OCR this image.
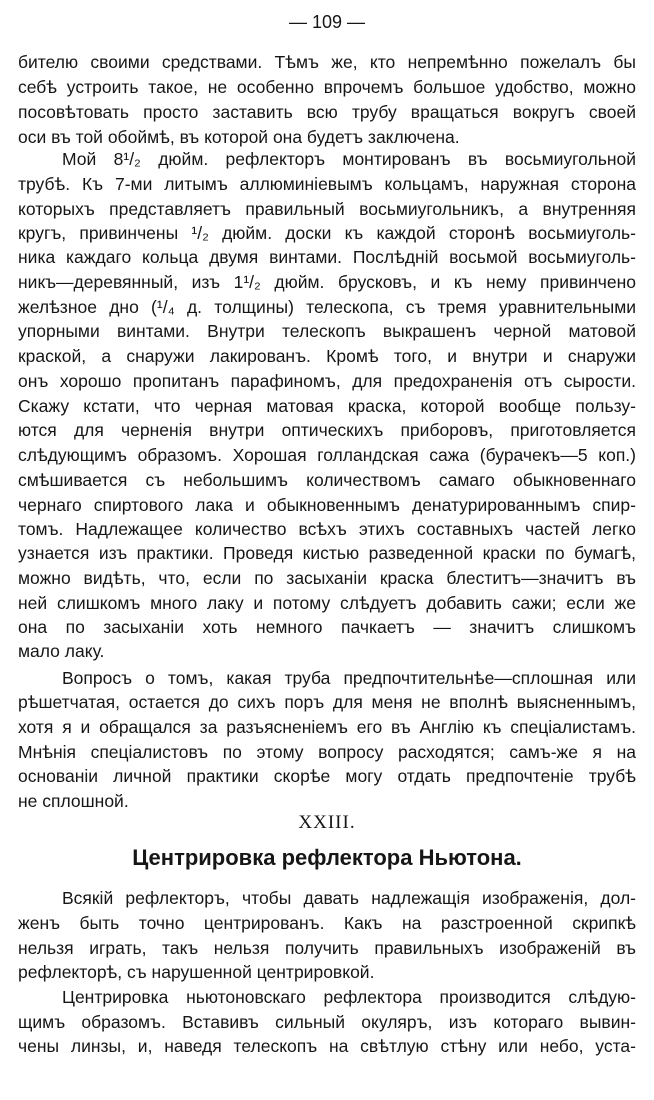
— 109 —
бителю своими средствами. Тѣмъ же, кто непремѣнно пожелалъ бы
себѣ устроить такое, не особенно впрочемъ большое удобство, можно
посовѣтовать просто заставить всю трубу вращаться вокругъ своей
оси въ той обоймѣ, въ которой она будетъ заключена.
Мой 8¹/₂ дюйм. рефлекторъ монтированъ въ восьмиугольной
трубѣ. Къ 7-ми литымъ аллюминіевымъ кольцамъ, наружная сторона
которыхъ представляетъ правильный восьмиугольникъ, а внутренняя
кругъ, привинчены ¹/₂ дюйм. доски къ каждой сторонѣ восьмиуголь-
ника каждаго кольца двумя винтами. Послѣдній восьмой восьмиуголь-
никъ—деревянный, изъ 1¹/₂ дюйм. брусковъ, и къ нему привинчено
желѣзное дно (¹/₄ д. толщины) телескопа, съ тремя уравнительными
упорными винтами. Внутри телескопъ выкрашенъ черной матовой
краской, а снаружи лакированъ. Кромѣ того, и внутри и снаружи
онъ хорошо пропитанъ парафиномъ, для предохраненія отъ сырости.
Скажу кстати, что черная матовая краска, которой вообще пользу-
ются для черненія внутри оптическихъ приборовъ, приготовляется
слѣдующимъ образомъ. Хорошая голландская сажа (бурачекъ—5 коп.)
смѣшивается съ небольшимъ количествомъ самаго обыкновеннаго
чернаго спиртового лака и обыкновеннымъ денатурированнымъ спир-
томъ. Надлежащее количество всѣхъ этихъ составныхъ частей легко
узнается изъ практики. Проведя кистью разведенной краски по бумагѣ,
можно видѣть, что, если по засыханіи краска блеститъ—значитъ въ
ней слишкомъ много лаку и потому слѣдуетъ добавить сажи; если же
она по засыханіи хоть немного пачкаетъ — значитъ слишкомъ
мало лаку.
Вопросъ о томъ, какая труба предпочтительнѣе—сплошная или
рѣшетчатая, остается до сихъ поръ для меня не вполнѣ выясненнымъ,
хотя я и обращался за разъясненіемъ его въ Англію къ спеціалистамъ.
Мнѣнія спеціалистовъ по этому вопросу расходятся; самъ-же я на
основаніи личной практики скорѣе могу отдать предпочтеніе трубѣ
не сплошной.
XXIII.
Центрировка рефлектора Ньютона.
Всякій рефлекторъ, чтобы давать надлежащія изображенія, дол-
женъ быть точно центрированъ. Какъ на разстроенной скрипкѣ
нельзя играть, такъ нельзя получить правильныхъ изображеній въ
рефлекторѣ, съ нарушенной центрировкой.
Центрировка ньютоновскаго рефлектора производится слѣдую-
щимъ образомъ. Вставивъ сильный окуляръ, изъ котораго вывин-
чены линзы, и, наведя телескопъ на свѣтлую стѣну или небо, уста-
